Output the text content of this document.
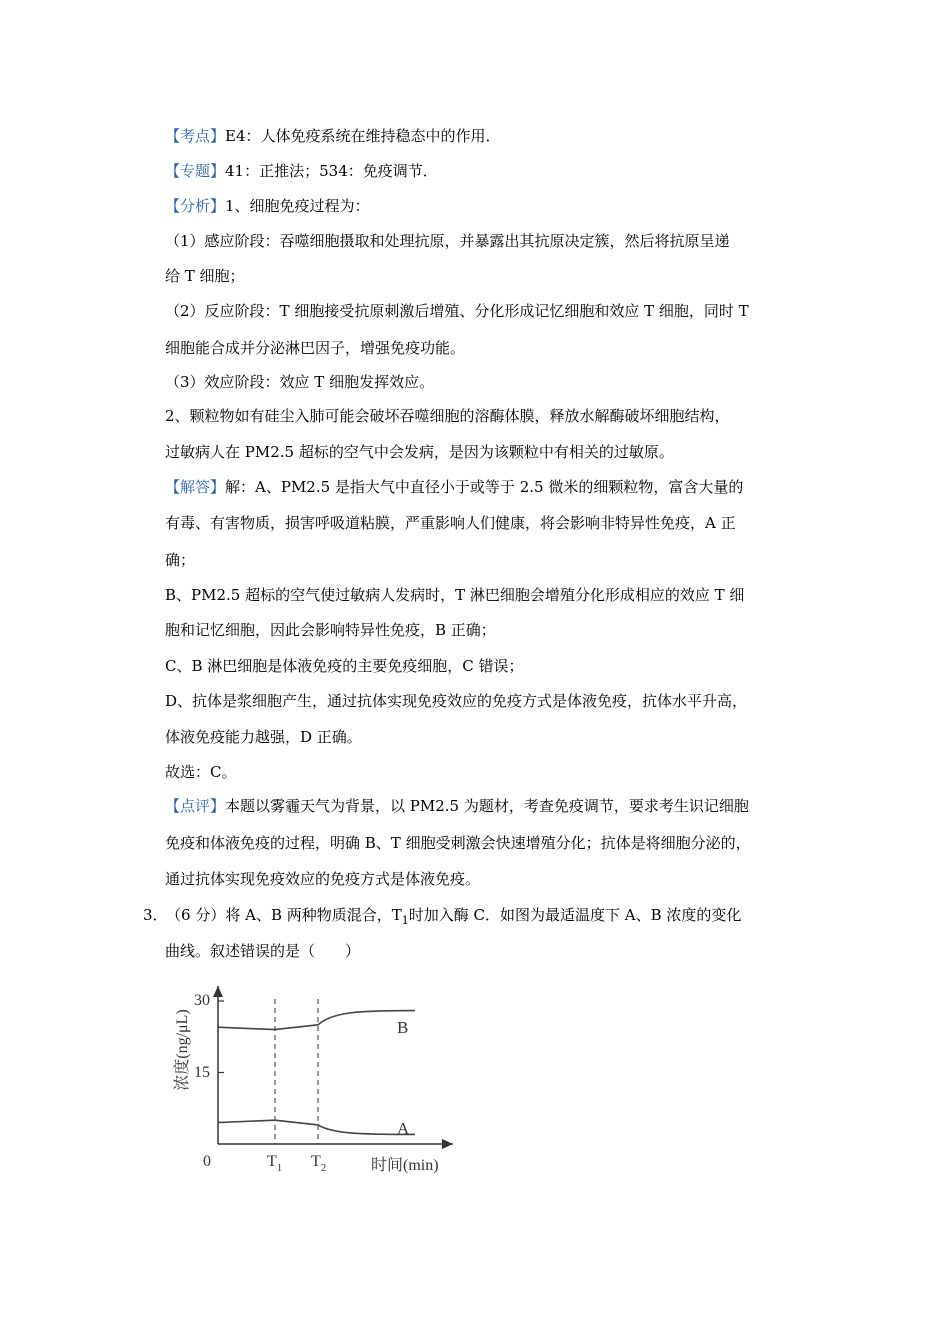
【考点】E4：人体免疫系统在维持稳态中的作用．
【专题】41：正推法；534：免疫调节．
【分析】1、细胞免疫过程为：
（1）感应阶段：吞噬细胞摄取和处理抗原，并暴露出其抗原决定簇，然后将抗原呈递
给 T 细胞；
（2）反应阶段：T 细胞接受抗原刺激后增殖、分化形成记忆细胞和效应 T 细胞，同时 T
细胞能合成并分泌淋巴因子，增强免疫功能。
（3）效应阶段：效应 T 细胞发挥效应。
2、颗粒物如有硅尘入肺可能会破坏吞噬细胞的溶酶体膜，释放水解酶破坏细胞结构，
过敏病人在 PM2.5 超标的空气中会发病，是因为该颗粒中有相关的过敏原。
【解答】解：A、PM2.5 是指大气中直径小于或等于 2.5 微米的细颗粒物，富含大量的
有毒、有害物质，损害呼吸道粘膜，严重影响人们健康，将会影响非特异性免疫，A 正
确；
B、PM2.5 超标的空气使过敏病人发病时，T 淋巴细胞会增殖分化形成相应的效应 T 细
胞和记忆细胞，因此会影响特异性免疫，B 正确；
C、B 淋巴细胞是体液免疫的主要免疫细胞，C 错误；
D、抗体是浆细胞产生，通过抗体实现免疫效应的免疫方式是体液免疫，抗体水平升高，
体液免疫能力越强，D 正确。
故选：C。
【点评】本题以雾霾天气为背景，以 PM2.5 为题材，考查免疫调节，要求考生识记细胞
免疫和体液免疫的过程，明确 B、T 细胞受刺激会快速增殖分化；抗体是将细胞分泌的，
通过抗体实现免疫效应的免疫方式是体液免疫。
3． （6 分）将 A、B 两种物质混合，$T_1$时加入酶 C．如图为最适温度下 A、B 浓度的变化
曲线。叙述错误的是（　　）
浓度(ng/μL)
时间(min)
0
30
15
$T_1$ $T_2$
B
A
